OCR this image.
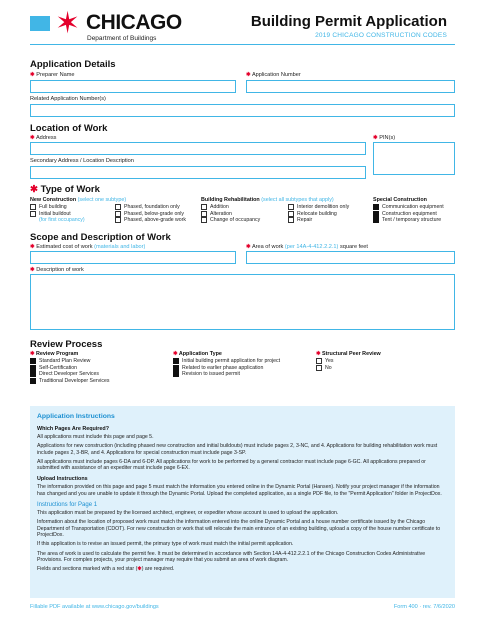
✶ CHICAGO
Department of Buildings
Building Permit Application
2019 CHICAGO CONSTRUCTION CODES
Application Details
✱ Preparer Name	✱ Application Number
Related Application Number(s)
Location of Work
✱ Address	✱ PIN(s)
Secondary Address / Location Description
✱ Type of Work
New Construction (select one subtype)
Full building
Initial buildout
(for first occupancy)
Phased, foundation only
Phased, below-grade only
Phased, above-grade work
Building Rehabilitation (select all subtypes that apply)
Addition
Alteration
Change of occupancy
Interior demolition only
Relocate building
Repair
Special Construction
Communication equipment
Construction equipment
Tent / temporary structure
Scope and Description of Work
✱ Estimated cost of work (materials and labor)	✱ Area of work (per 14A-4-412.2.2.1) square feet
✱ Description of work
Review Process
✱ Review Program
Standard Plan Review
Self-Certification
Direct Developer Services
Traditional Developer Services
✱ Application Type
Initial building permit application for project
Related to earlier phase application
Revision to issued permit
✱ Structural Peer Review
Yes
No
Application Instructions
Which Pages Are Required?
All applications must include this page and page 5.
Applications for new construction (including phased new construction and initial buildouts) must include pages 2, 3-NC, and 4. Applications for building rehabilitation work must include pages 2, 3-BR, and 4. Applications for special construction must include page 3-SP.
All applications must include pages 6-DA and 6-DP. All applications for work to be performed by a general contractor must include page 6-GC. All applications prepared or submitted with assistance of an expediter must include page 6-EX.
Upload Instructions
The information provided on this page and page 5 must match the information you entered online in the Dynamic Portal (Hansen). Notify your project manager if the information has changed and you are unable to update it through the Dynamic Portal. Upload the completed application, as a single PDF file, to the "Permit Application" folder in ProjectDox.
Instructions for Page 1
This application must be prepared by the licensed architect, engineer, or expediter whose account is used to upload the application.
Information about the location of proposed work must match the information entered into the online Dynamic Portal and a house number certificate issued by the Chicago Department of Transportation (CDOT). For new construction or work that will relocate the main entrance of an existing building, upload a copy of the house number certificate to ProjectDox.
If this application is to revise an issued permit, the primary type of work must match the initial permit application.
The area of work is used to calculate the permit fee. It must be determined in accordance with Section 14A-4-412.2.2.1 of the Chicago Construction Codes Administrative Provisions. For complex projects, your project manager may require that you submit an area of work diagram.
Fields and sections marked with a red star (✱) are required.
Fillable PDF available at www.chicago.gov/buildings	Form 400 · rev. 7/6/2020
